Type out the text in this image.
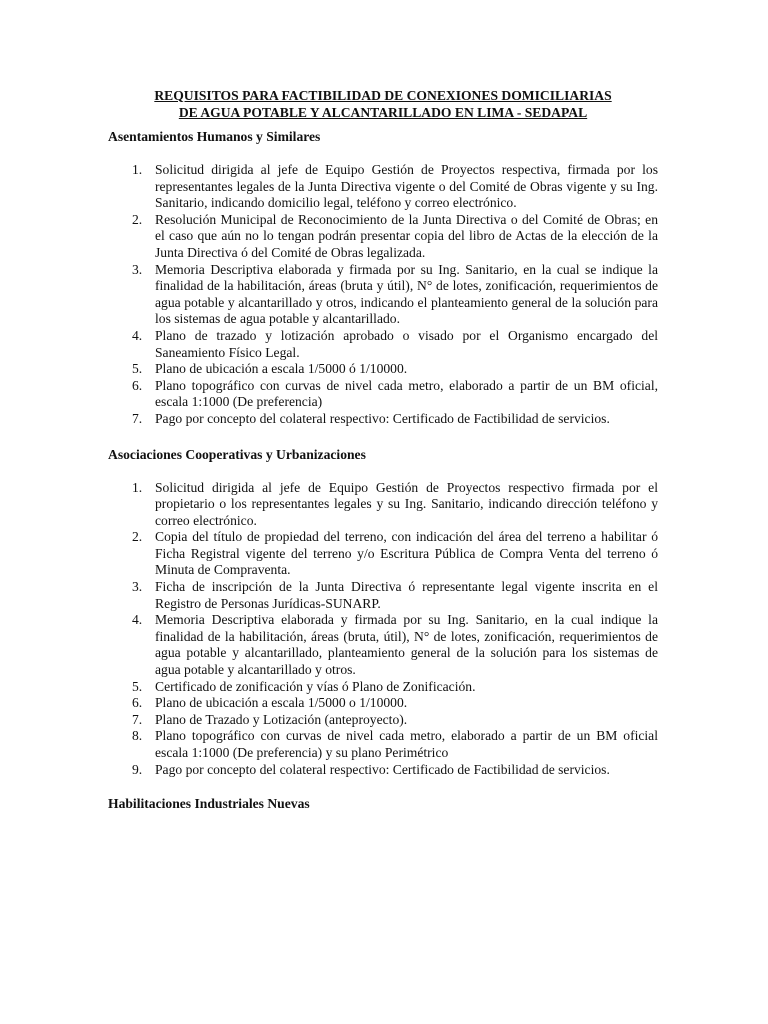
REQUISITOS PARA FACTIBILIDAD DE CONEXIONES DOMICILIARIAS

DE AGUA POTABLE Y ALCANTARILLADO EN LIMA - SEDAPAL

Asentamientos Humanos y Similares

1. Solicitud dirigida al jefe de Equipo Gestión de Proyectos respectiva, firmada por los representantes legales de la Junta Directiva vigente o del Comité de Obras vigente y su Ing. Sanitario, indicando domicilio legal, teléfono y correo electrónico.
2. Resolución Municipal de Reconocimiento de la Junta Directiva o del Comité de Obras; en el caso que aún no lo tengan podrán presentar copia del libro de Actas de la elección de la Junta Directiva ó del Comité de Obras legalizada.
3. Memoria Descriptiva elaborada y firmada por su Ing. Sanitario, en la cual se indique la finalidad de la habilitación, áreas (bruta y útil), N° de lotes, zonificación, requerimientos de agua potable y alcantarillado y otros, indicando el planteamiento general de la solución para los sistemas de agua potable y alcantarillado.
4. Plano de trazado y lotización aprobado o visado por el Organismo encargado del Saneamiento Físico Legal.
5. Plano de ubicación a escala 1/5000 ó 1/10000.
6. Plano topográfico con curvas de nivel cada metro, elaborado a partir de un BM oficial, escala 1:1000 (De preferencia)
7. Pago por concepto del colateral respectivo: Certificado de Factibilidad de servicios.

Asociaciones Cooperativas y Urbanizaciones

1. Solicitud dirigida al jefe de Equipo Gestión de Proyectos respectivo firmada por el propietario o los representantes legales y su Ing. Sanitario, indicando dirección teléfono y correo electrónico.
2. Copia del título de propiedad del terreno, con indicación del área del terreno a habilitar ó Ficha Registral vigente del terreno y/o Escritura Pública de Compra Venta del terreno ó Minuta de Compraventa.
3. Ficha de inscripción de la Junta Directiva ó representante legal vigente inscrita en el Registro de Personas Jurídicas-SUNARP.
4. Memoria Descriptiva elaborada y firmada por su Ing. Sanitario, en la cual indique la finalidad de la habilitación, áreas (bruta, útil), N° de lotes, zonificación, requerimientos de agua potable y alcantarillado, planteamiento general de la solución para los sistemas de agua potable y alcantarillado y otros.
5. Certificado de zonificación y vías ó Plano de Zonificación.
6. Plano de ubicación a escala 1/5000 o 1/10000.
7. Plano de Trazado y Lotización (anteproyecto).
8. Plano topográfico con curvas de nivel cada metro, elaborado a partir de un BM oficial escala 1:1000 (De preferencia) y su plano Perimétrico
9. Pago por concepto del colateral respectivo: Certificado de Factibilidad de servicios.

Habilitaciones Industriales Nuevas
